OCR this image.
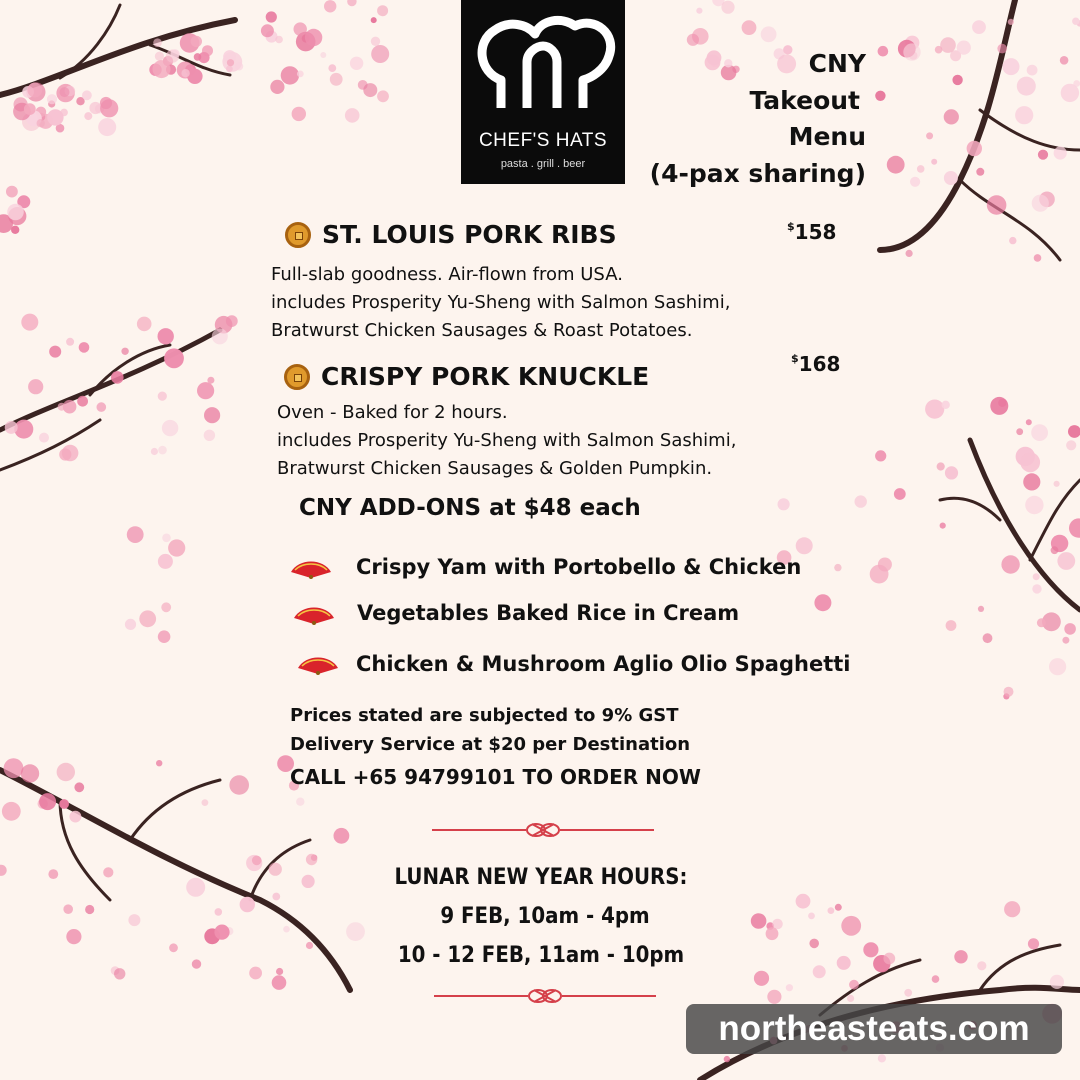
CHEF'S HATS
pasta . grill . beer
CNY
Takeout
Menu
(4-pax sharing)
ST. LOUIS PORK RIBS	$158
Full-slab goodness. Air-flown from USA.
includes Prosperity Yu-Sheng with Salmon Sashimi,
Bratwurst Chicken Sausages & Roast Potatoes.
CRISPY PORK KNUCKLE
$168
Oven - Baked for 2 hours.
includes Prosperity Yu-Sheng with Salmon Sashimi,
Bratwurst Chicken Sausages & Golden Pumpkin.
CNY ADD-ONS at $48 each
Crispy Yam with Portobello & Chicken
Vegetables Baked Rice in Cream
Chicken & Mushroom Aglio Olio Spaghetti
Prices stated are subjected to 9% GST
Delivery Service at $20 per Destination
CALL +65 94799101 TO ORDER NOW
LUNAR NEW YEAR HOURS:
9 FEB, 10am - 4pm
10 - 12 FEB, 11am - 10pm
northeasteats.com
